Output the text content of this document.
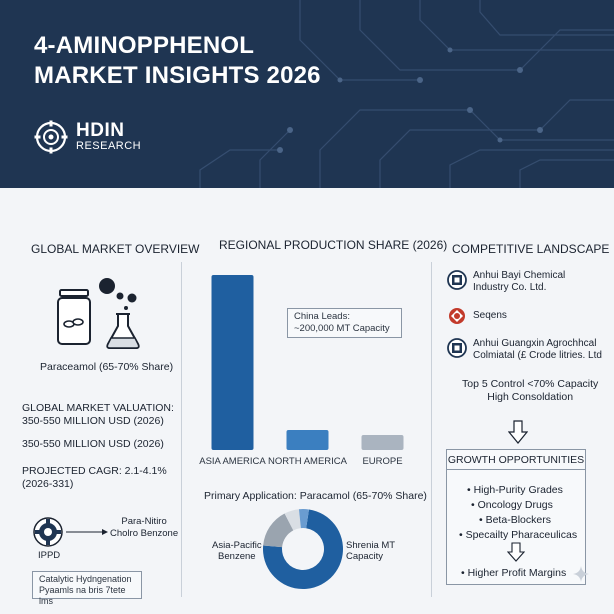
4-AMINOPPHENOL
MARKET INSIGHTS 2026
HDIN
RESEARCH
GLOBAL MARKET OVERVIEW
Paraceamol (65-70% Share)
GLOBAL MARKET VALUATION:
350-550 MILLION USD (2026)
350-550 MILLION USD (2026)
PROJECTED CAGR: 2.1-4.1%
(2026-331)
Para-Nitiro
Cholro Benzone
IPPD
Catalytic Hydngenation
Pyaamls na bris 7tete lms
REGIONAL PRODUCTION SHARE (2026)
ASIA AMERICA NORTH AMERICA	EUROPE
China Leads:
~200,000 MT Capacity
Primary Application: Paracamol (65-70% Share)
Asia-Pacific
Benzene
Shrenia MT
Capacity
COMPETITIVE LANDSCAPE
Anhui Bayi Chemical
Industry Co. Ltd.
Seqens
Anhui Guangxin Agrochhcal
Colmiatal (£ Crode litries. Ltd
Top 5 Control <70% Capacity
High Consoldation
GROWTH OPPORTUNITIES
• High-Purity Grades
• Oncology Drugs
• Beta-Blockers
• Specailty Pharaceulicas
• Higher Profit Margins
